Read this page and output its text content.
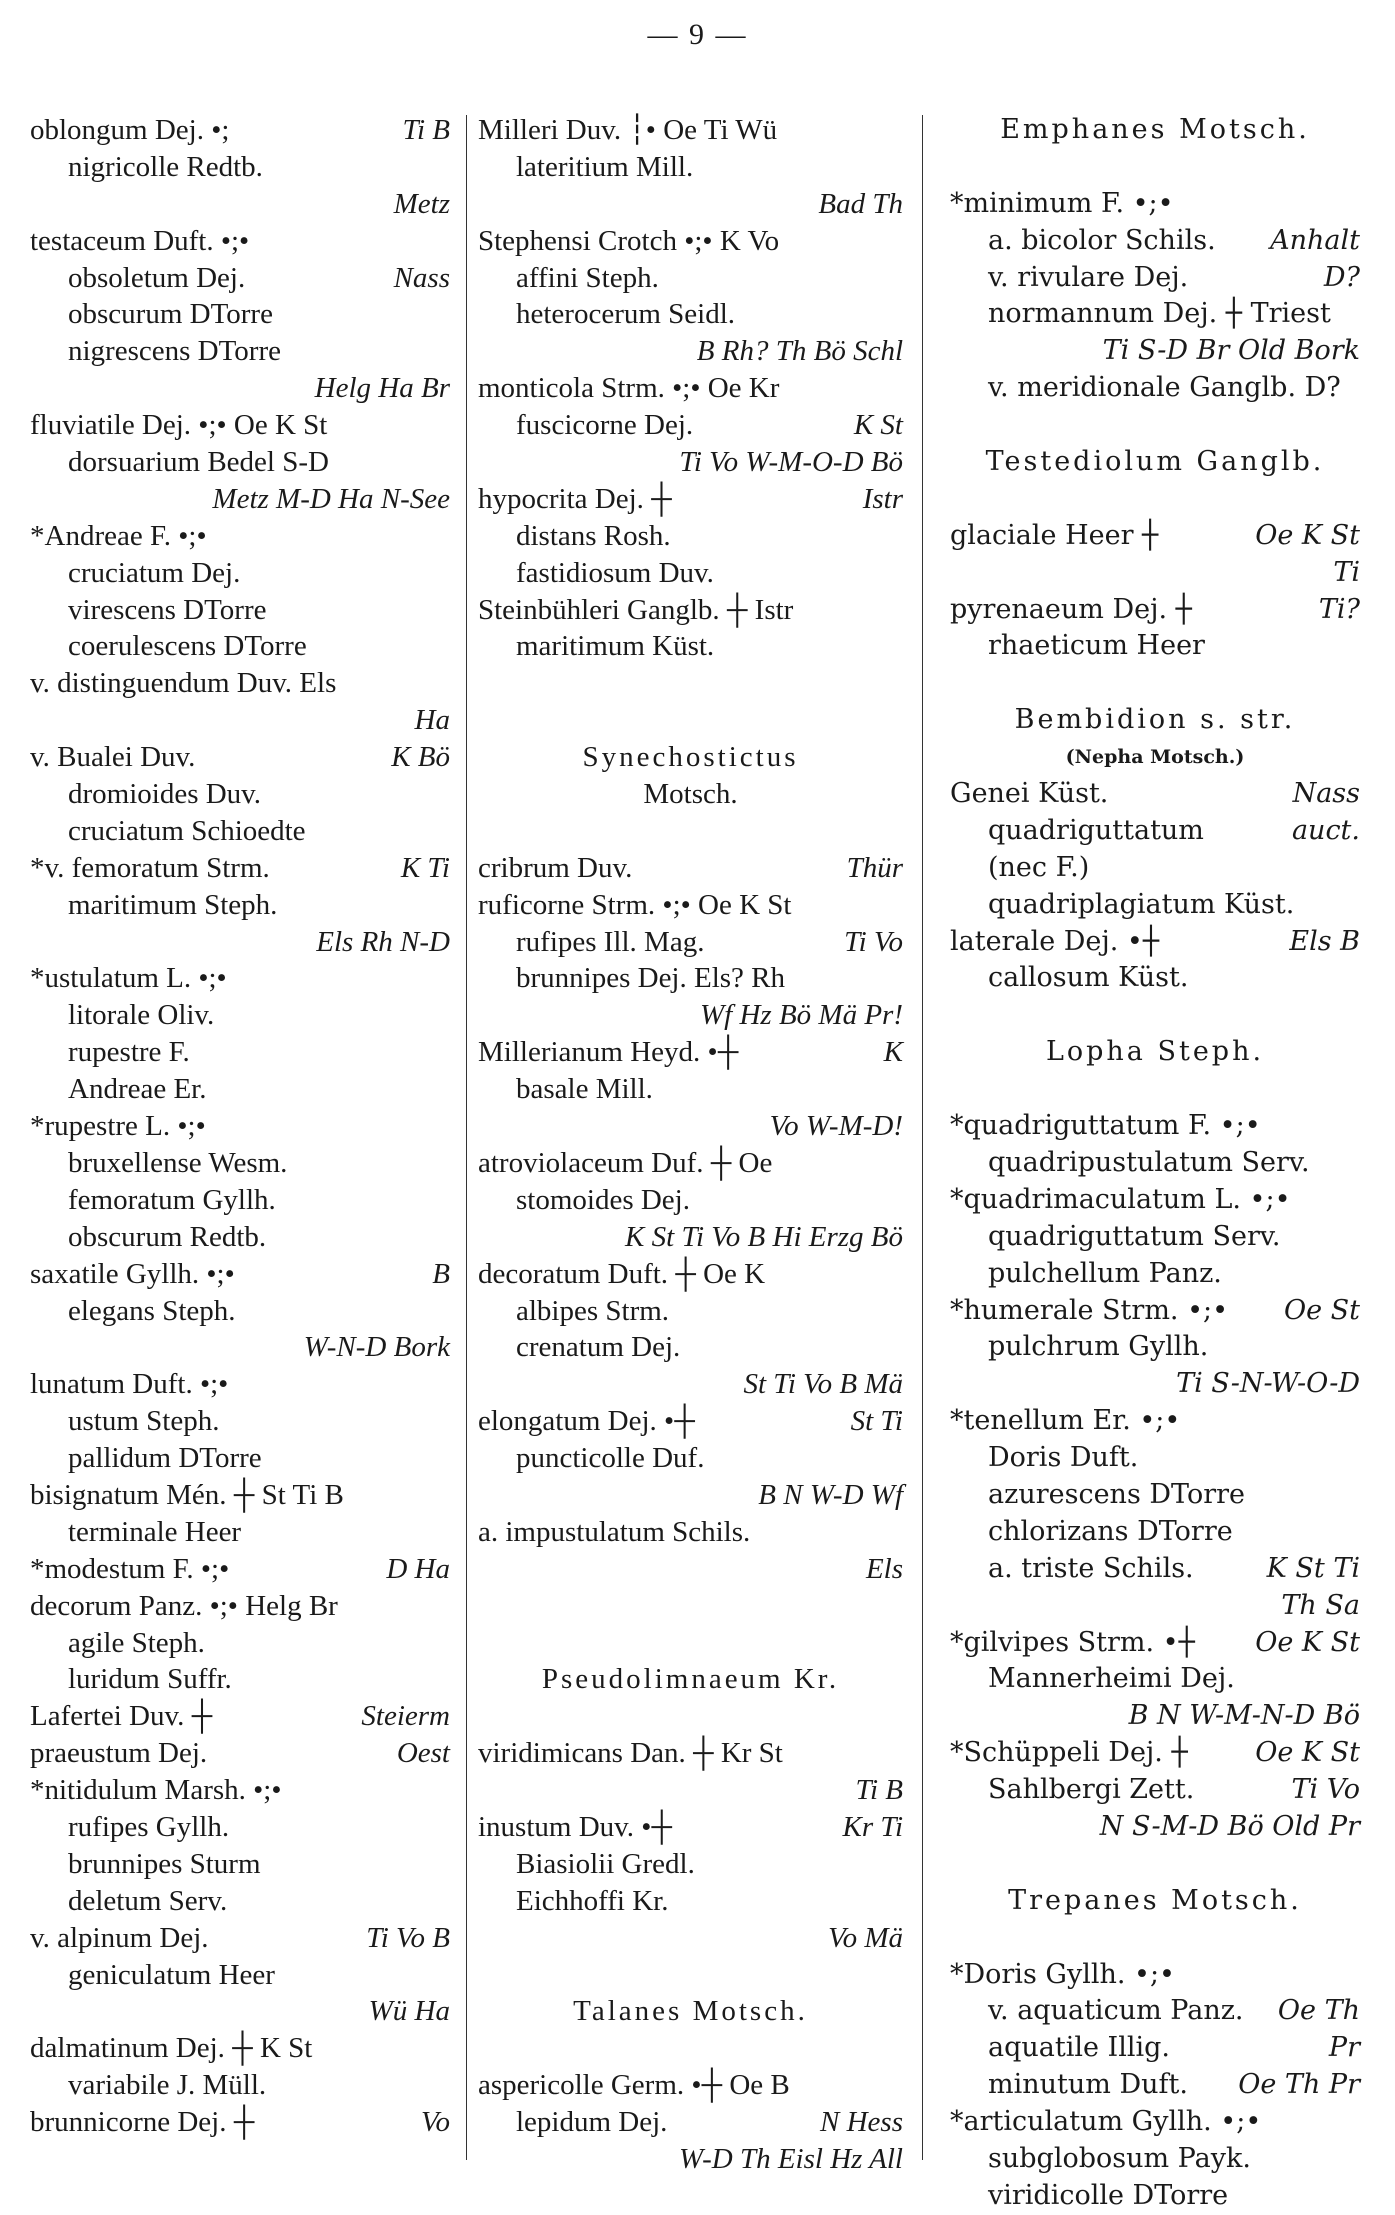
— 9 —
oblongum Dej. •;	Ti B
nigricolle Redtb.
Metz
testaceum Duft. •;•
obsoletum Dej.	Nass
obscurum DTorre
nigrescens DTorre
Helg Ha Br
fluviatile Dej. •;• Oe K St
dorsuarium Bedel S-D
Metz M-D Ha N-See
*Andreae F. •;•
cruciatum Dej.
virescens DTorre
coerulescens DTorre
v. distinguendum Duv. Els
Ha
v. Bualei Duv.	K Bö
dromioides Duv.
cruciatum Schioedte
*v. femoratum Strm.	K Ti
maritimum Steph.
Els Rh N-D
*ustulatum L. •;•
litorale Oliv.
rupestre F.
Andreae Er.
*rupestre L. •;•
bruxellense Wesm.
femoratum Gyllh.
obscurum Redtb.
saxatile Gyllh. •;•	B
elegans Steph.
W-N-D Bork
lunatum Duft. •;•
ustum Steph.
pallidum DTorre
bisignatum Mén. ┼ St Ti B
terminale Heer
*modestum F. •;•	D Ha
decorum Panz. •;• Helg Br
agile Steph.
luridum Suffr.
Lafertei Duv. ┼	Steierm
praeustum Dej.	Oest
*nitidulum Marsh. •;•
rufipes Gyllh.
brunnipes Sturm
deletum Serv.
v. alpinum Dej.	Ti Vo B
geniculatum Heer
Wü Ha
dalmatinum Dej. ┼ K St
variabile J. Müll.
brunnicorne Dej. ┼	Vo
Milleri Duv. ┆• Oe Ti Wü
lateritium Mill.
Bad Th
Stephensi Crotch •;• K Vo
affini Steph.
heterocerum Seidl.
B Rh? Th Bö Schl
monticola Strm. •;• Oe Kr
fuscicorne Dej.	K St
Ti Vo W-M-O-D Bö
hypocrita Dej. ┼	Istr
distans Rosh.
fastidiosum Duv.
Steinbühleri Ganglb. ┼ Istr
maritimum Küst.
Synechostictus
Motsch.
cribrum Duv.	Thür
ruficorne Strm. •;• Oe K St
rufipes Ill. Mag.	Ti Vo
brunnipes Dej. Els? Rh
Wf Hz Bö Mä Pr!
Millerianum Heyd. •┼	K
basale Mill.
Vo W-M-D!
atroviolaceum Duf. ┼ Oe
stomoides Dej.
K St Ti Vo B Hi Erzg Bö
decoratum Duft. ┼ Oe K
albipes Strm.
crenatum Dej.
St Ti Vo B Mä
elongatum Dej. •┼	St Ti
puncticolle Duf.
B N W-D Wf
a. impustulatum Schils.
Els
Pseudolimnaeum Kr.
viridimicans Dan. ┼ Kr St
Ti B
inustum Duv. •┼	Kr Ti
Biasiolii Gredl.
Eichhoffi Kr.
Vo Mä
Talanes Motsch.
aspericolle Germ. •┼ Oe B
lepidum Dej.	N Hess
W-D Th Eisl Hz All
Emphanes Motsch.
*minimum F. •;•
a. bicolor Schils. Anhalt
v. rivulare Dej.	D?
normannum Dej. ┼ Triest
Ti S-D Br Old Bork
v. meridionale Ganglb. D?
Testediolum Ganglb.
glaciale Heer ┼	Oe K St
Ti
pyrenaeum Dej. ┼	Ti?
rhaeticum Heer
Bembidion s. str.
(Nepha Motsch.)
Genei Küst.	Nass
quadriguttatum	auct.
(nec F.)
quadriplagiatum Küst.
laterale Dej. •┼	Els B
callosum Küst.
Lopha Steph.
*quadriguttatum F. •;•
quadripustulatum Serv.
*quadrimaculatum L. •;•
quadriguttatum Serv.
pulchellum Panz.
*humerale Strm. •;• Oe St
pulchrum Gyllh.
Ti S-N-W-O-D
*tenellum Er. •;•
Doris Duft.
azurescens DTorre
chlorizans DTorre
a. triste Schils.	K St Ti
Th Sa
*gilvipes Strm. •┼ Oe K St
Mannerheimi Dej.
B N W-M-N-D Bö
*Schüppeli Dej. ┼ Oe K St
Sahlbergi Zett.	Ti Vo
N S-M-D Bö Old Pr
Trepanes Motsch.
*Doris Gyllh. •;•
v. aquaticum Panz. Oe Th
aquatile Illig.	Pr
minutum Duft. Oe Th Pr
*articulatum Gyllh. •;•
subglobosum Payk.
viridicolle DTorre
